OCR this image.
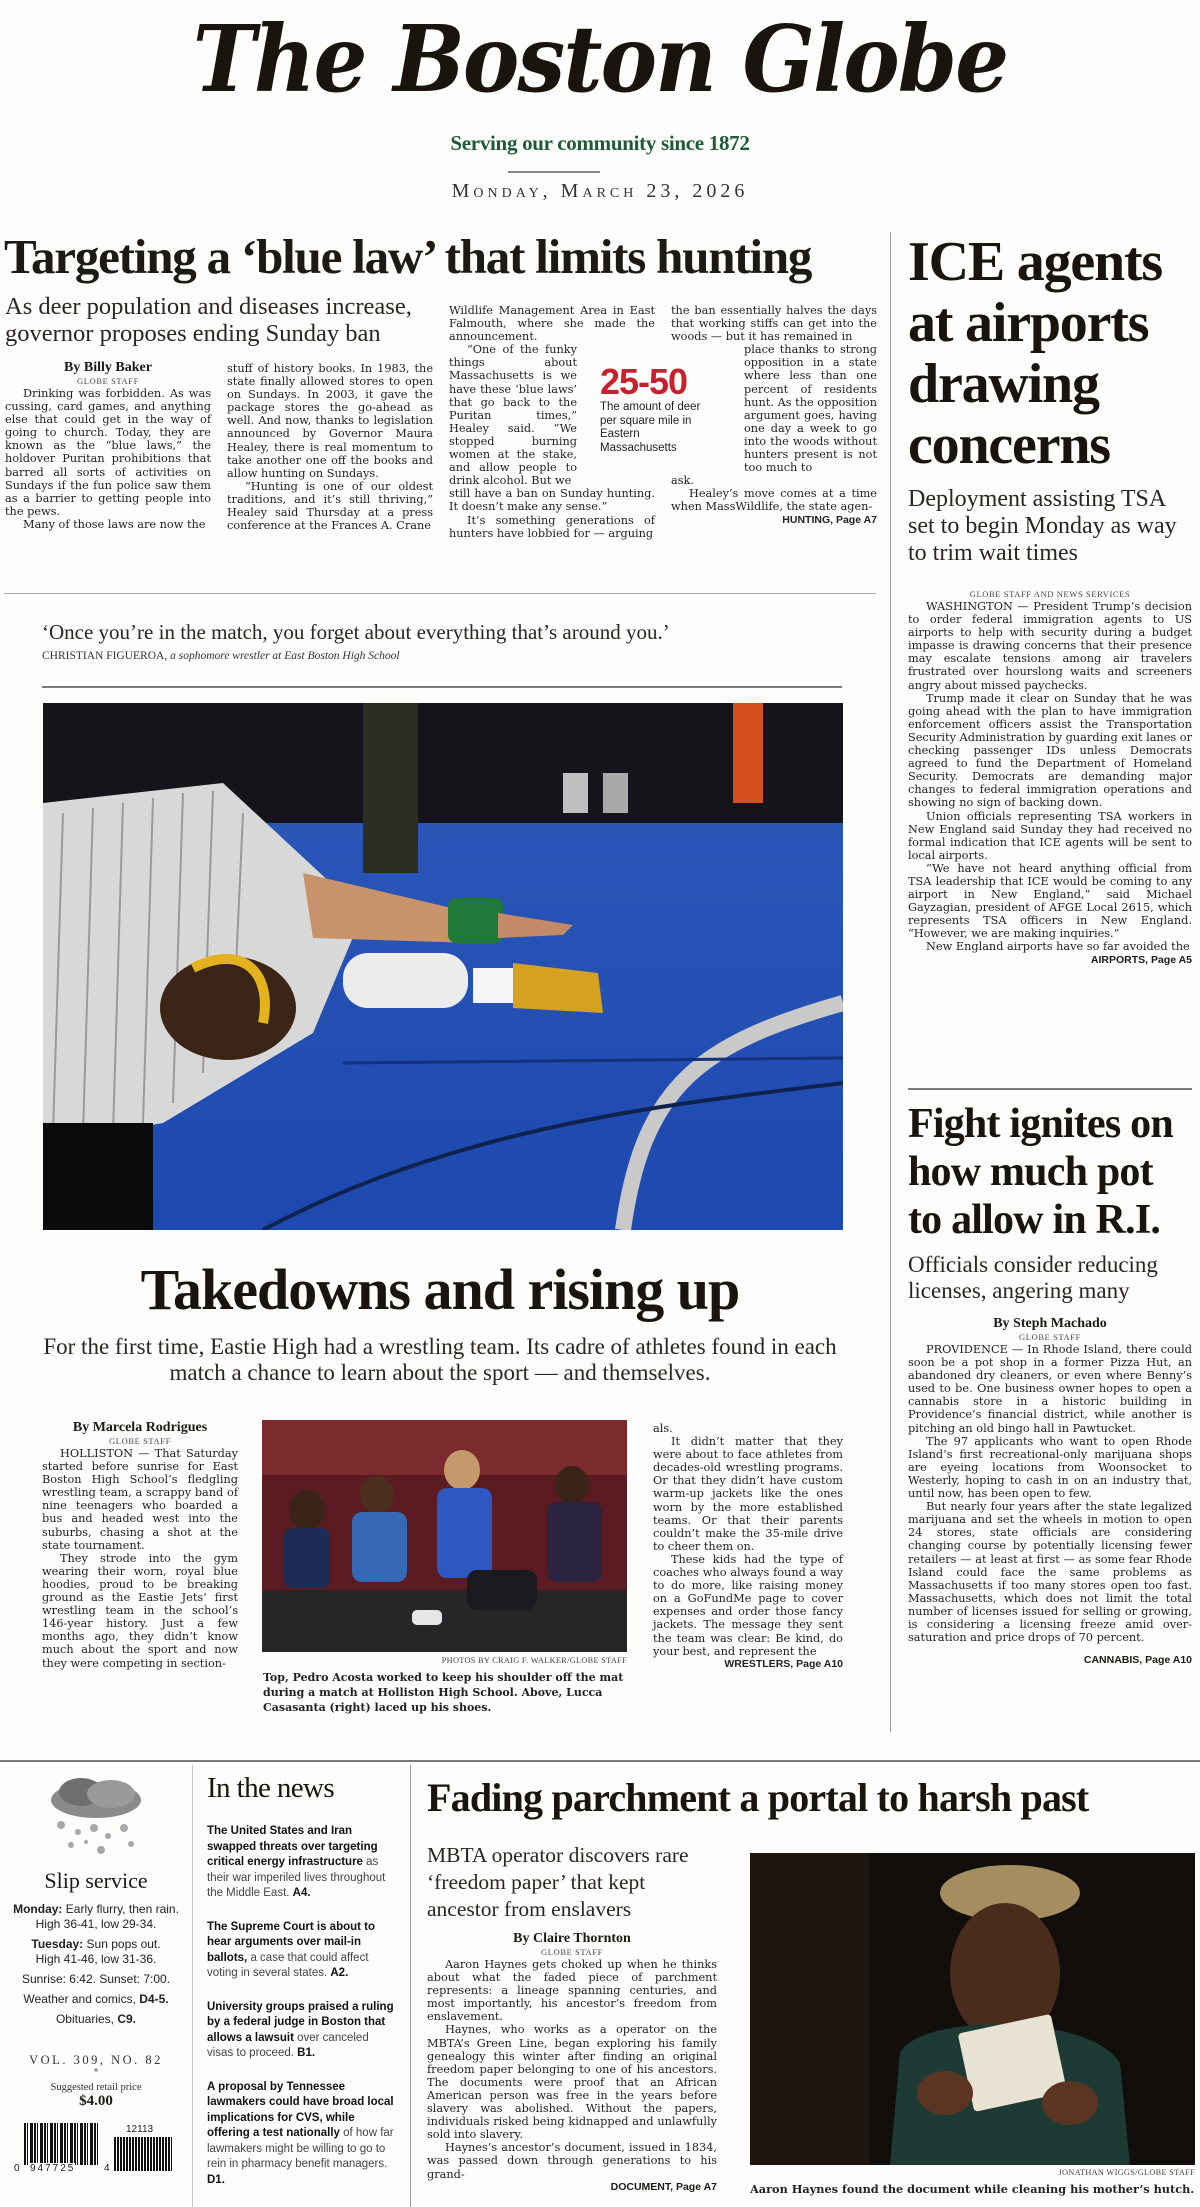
The Boston Globe
Serving our community since 1872
Monday, March 23, 2026
Targeting a ‘blue law’ that limits hunting
As deer population and diseases increase, governor proposes ending Sunday ban
By Billy Baker
GLOBE STAFF

Drinking was forbidden. As was cussing, card games, and anything else that could get in the way of going to church. Today, they are known as the “blue laws,” the holdover Puritan prohibitions that barred all sorts of activities on Sundays if the fun police saw them as a barrier to getting people into the pews.

Many of those laws are now the

stuff of history books. In 1983, the state finally allowed stores to open on Sundays. In 2003, it gave the package stores the go-ahead as well. And now, thanks to legislation announced by Governor Maura Healey, there is real momentum to take another one off the books and allow hunting on Sundays.

“Hunting is one of our oldest traditions, and it’s still thriving,” Healey said Thursday at a press conference at the Frances A. Crane

Wildlife Management Area in East Falmouth, where she made the announcement.

“One of the funky things about Massachusetts is we have these ‘blue laws’ that go back to the Puritan times,” Healey said. “We stopped burning women at the stake, and allow people to drink alcohol. But we

still have a ban on Sunday hunting. It doesn’t make any sense.”

It’s something generations of hunters have lobbied for — arguing

the ban essentially halves the days that working stiffs can get into the woods — but it has remained in

place thanks to strong opposition in a state where less than one percent of residents hunt. As the opposition argument goes, having one day a week to go into the woods without hunters present is not too much to

ask.

Healey’s move comes at a time when MassWildlife, the state agen-

HUNTING, Page A7
25-50
The amount of deer per square mile in Eastern Massachusetts
ICE agents at airports drawing concerns
Deployment assisting TSA set to begin Monday as way to trim wait times
GLOBE STAFF AND NEWS SERVICES

WASHINGTON — President Trump’s decision to order federal immigration agents to US airports to help with security during a budget impasse is drawing concerns that their presence may escalate tensions among air travelers frustrated over hourslong waits and screeners angry about missed paychecks.

Trump made it clear on Sunday that he was going ahead with the plan to have immigration enforcement officers assist the Transportation Security Administration by guarding exit lanes or checking passenger IDs unless Democrats agreed to fund the Department of Homeland Security. Democrats are demanding major changes to federal immigration operations and showing no sign of backing down.

Union officials representing TSA workers in New England said Sunday they had received no formal indication that ICE agents will be sent to local airports.

“We have not heard anything official from TSA leadership that ICE would be coming to any airport in New England,” said Michael Gayzagian, president of AFGE Local 2615, which represents TSA officers in New England. “However, we are making inquiries.”

New England airports have so far avoided the

AIRPORTS, Page A5
Fight ignites on how much pot to allow in R.I.
Officials consider reducing licenses, angering many
By Steph Machado
GLOBE STAFF

PROVIDENCE — In Rhode Island, there could soon be a pot shop in a former Pizza Hut, an abandoned dry cleaners, or even where Benny’s used to be. One business owner hopes to open a cannabis store in a historic building in Providence’s financial district, while another is pitching an old bingo hall in Pawtucket.

The 97 applicants who want to open Rhode Island’s first recreational-only marijuana shops are eyeing locations from Woonsocket to Westerly, hoping to cash in on an industry that, until now, has been open to few.

But nearly four years after the state legalized marijuana and set the wheels in motion to open 24 stores, state officials are considering changing course by potentially licensing fewer retailers — at least at first — as some fear Rhode Island could face the same problems as Massachusetts if too many stores open too fast. Massachusetts, which does not limit the total number of licenses issued for selling or growing, is considering a licensing freeze amid over-saturation and price drops of 70 percent.

CANNABIS, Page A10
‘Once you’re in the match, you forget about everything that’s around you.’
CHRISTIAN FIGUEROA, a sophomore wrestler at East Boston High School
Takedowns and rising up
For the first time, Eastie High had a wrestling team. Its cadre of athletes found in each match a chance to learn about the sport — and themselves.
By Marcela Rodrigues
GLOBE STAFF

HOLLISTON — That Saturday started before sunrise for East Boston High School’s fledgling wrestling team, a scrappy band of nine teenagers who boarded a bus and headed west into the suburbs, chasing a shot at the state tournament.

They strode into the gym wearing their worn, royal blue hoodies, proud to be breaking ground as the Eastie Jets’ first wrestling team in the school’s 146-year history. Just a few months ago, they didn’t know much about the sport and now they were competing in section-	PHOTOS BY CRAIG F. WALKER/GLOBE STAFF
Top, Pedro Acosta worked to keep his shoulder off the mat during a match at Holliston High School. Above, Lucca Casasanta (right) laced up his shoes.

als.

It didn’t matter that they were about to face athletes from decades-old wrestling programs. Or that they didn’t have custom warm-up jackets like the ones worn by the more established teams. Or that their parents couldn’t make the 35-mile drive to cheer them on.

These kids had the type of coaches who always found a way to do more, like raising money on a GoFundMe page to cover expenses and order those fancy jackets. The message they sent the team was clear: Be kind, do your best, and represent the

WRESTLERS, Page A10
Slip service
Monday: Early flurry, then rain. High 36-41, low 29-34.
Tuesday: Sun pops out. High 41-46, low 31-36.
Sunrise: 6:42. Sunset: 7:00.
Weather and comics, D4-5.
Obituaries, C9.
VOL. 309, NO. 82
*
Suggested retail price
$4.00
0 947725	4
12113
In the news
The United States and Iran swapped threats over targeting critical energy infrastructure as their war imperiled lives throughout the Middle East. A4.
The Supreme Court is about to hear arguments over mail-in ballots, a case that could affect voting in several states. A2.
University groups praised a ruling by a federal judge in Boston that allows a lawsuit over canceled visas to proceed. B1.
A proposal by Tennessee lawmakers could have broad local implications for CVS, while offering a test nationally of how far lawmakers might be willing to go to rein in pharmacy benefit managers. D1.
Fading parchment a portal to harsh past
MBTA operator discovers rare ‘freedom paper’ that kept ancestor from enslavers
By Claire Thornton
GLOBE STAFF

Aaron Haynes gets choked up when he thinks about what the faded piece of parchment represents: a lineage spanning centuries, and most importantly, his ancestor’s freedom from enslavement.

Haynes, who works as a operator on the MBTA’s Green Line, began exploring his family genealogy this winter after finding an original freedom paper belonging to one of his ancestors. The documents were proof that an African American person was free in the years before slavery was abolished. Without the papers, individuals risked being kidnapped and unlawfully sold into slavery.

Haynes’s ancestor’s document, issued in 1834, was passed down through generations to his grand-

DOCUMENT, Page A7
JONATHAN WIGGS/GLOBE STAFF
Aaron Haynes found the document while cleaning his mother’s hutch.
